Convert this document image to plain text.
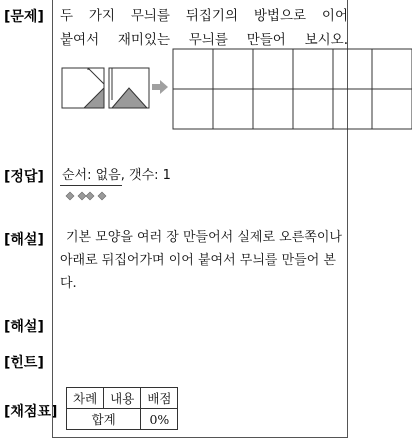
[문제]
[정답]
[해설]
[해설]
[힌트]
[채점표]
두 가지 무늬를 뒤집기의 방법으로 이어
붙여서 재미있는 무늬를 만들어 보시오.
순서: 없음, 갯수: 1
기본 모양을 여러 장 만들어서 실제로 오른쪽이나 아래로 뒤집어가며 이어 붙여서 무늬를 만들어 본다.
차례	내용	배점
합계		0%
